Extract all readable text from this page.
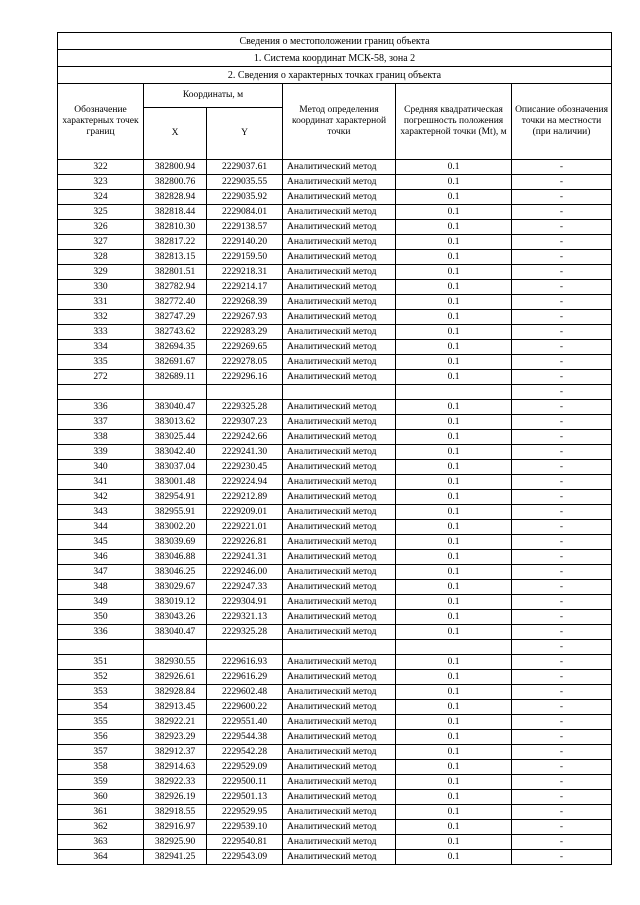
Сведения о местоположении границ объекта					
1. Система координат МСК-58, зона 2					
2. Сведения о характерных точках границ объекта					
Обозначение характерных точек границ	Координаты, м		Метод определения координат характерной точки	Средняя квадратическая погрешность положения характерной точки (Mt), м	Описание обозначения точки на местности (при наличии)
	X	Y			
322	382800.94	2229037.61	Аналитический метод	0.1	-
323	382800.76	2229035.55	Аналитический метод	0.1	-
324	382828.94	2229035.92	Аналитический метод	0.1	-
325	382818.44	2229084.01	Аналитический метод	0.1	-
326	382810.30	2229138.57	Аналитический метод	0.1	-
327	382817.22	2229140.20	Аналитический метод	0.1	-
328	382813.15	2229159.50	Аналитический метод	0.1	-
329	382801.51	2229218.31	Аналитический метод	0.1	-
330	382782.94	2229214.17	Аналитический метод	0.1	-
331	382772.40	2229268.39	Аналитический метод	0.1	-
332	382747.29	2229267.93	Аналитический метод	0.1	-
333	382743.62	2229283.29	Аналитический метод	0.1	-
334	382694.35	2229269.65	Аналитический метод	0.1	-
335	382691.67	2229278.05	Аналитический метод	0.1	-
272	382689.11	2229296.16	Аналитический метод	0.1	-
					-
336	383040.47	2229325.28	Аналитический метод	0.1	-
337	383013.62	2229307.23	Аналитический метод	0.1	-
338	383025.44	2229242.66	Аналитический метод	0.1	-
339	383042.40	2229241.30	Аналитический метод	0.1	-
340	383037.04	2229230.45	Аналитический метод	0.1	-
341	383001.48	2229224.94	Аналитический метод	0.1	-
342	382954.91	2229212.89	Аналитический метод	0.1	-
343	382955.91	2229209.01	Аналитический метод	0.1	-
344	383002.20	2229221.01	Аналитический метод	0.1	-
345	383039.69	2229226.81	Аналитический метод	0.1	-
346	383046.88	2229241.31	Аналитический метод	0.1	-
347	383046.25	2229246.00	Аналитический метод	0.1	-
348	383029.67	2229247.33	Аналитический метод	0.1	-
349	383019.12	2229304.91	Аналитический метод	0.1	-
350	383043.26	2229321.13	Аналитический метод	0.1	-
336	383040.47	2229325.28	Аналитический метод	0.1	-
					-
351	382930.55	2229616.93	Аналитический метод	0.1	-
352	382926.61	2229616.29	Аналитический метод	0.1	-
353	382928.84	2229602.48	Аналитический метод	0.1	-
354	382913.45	2229600.22	Аналитический метод	0.1	-
355	382922.21	2229551.40	Аналитический метод	0.1	-
356	382923.29	2229544.38	Аналитический метод	0.1	-
357	382912.37	2229542.28	Аналитический метод	0.1	-
358	382914.63	2229529.09	Аналитический метод	0.1	-
359	382922.33	2229500.11	Аналитический метод	0.1	-
360	382926.19	2229501.13	Аналитический метод	0.1	-
361	382918.55	2229529.95	Аналитический метод	0.1	-
362	382916.97	2229539.10	Аналитический метод	0.1	-
363	382925.90	2229540.81	Аналитический метод	0.1	-
364	382941.25	2229543.09	Аналитический метод	0.1	-
